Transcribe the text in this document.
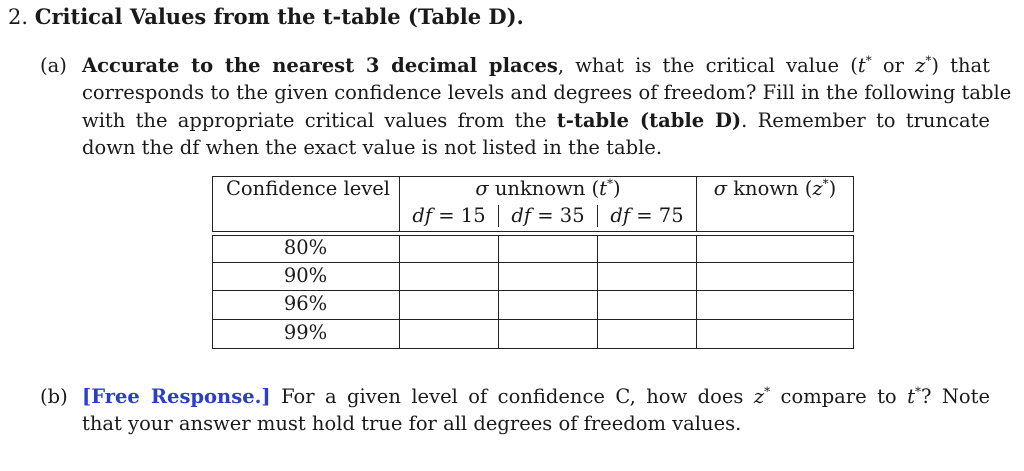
2. Critical Values from the t-table (Table D).
(a) Accurate to the nearest 3 decimal places, what is the critical value (t* or z*) that
corresponds to the given confidence levels and degrees of freedom? Fill in the following table
with the appropriate critical values from the t-table (table D). Remember to truncate
down the df when the exact value is not listed in the table.
Confidence level	σ unknown (t*)	σ known (z*)
df = 15	df = 35	df = 75
80%
90%
96%
99%
(b) [Free Response.] For a given level of confidence C, how does z* compare to t*? Note
that your answer must hold true for all degrees of freedom values.
